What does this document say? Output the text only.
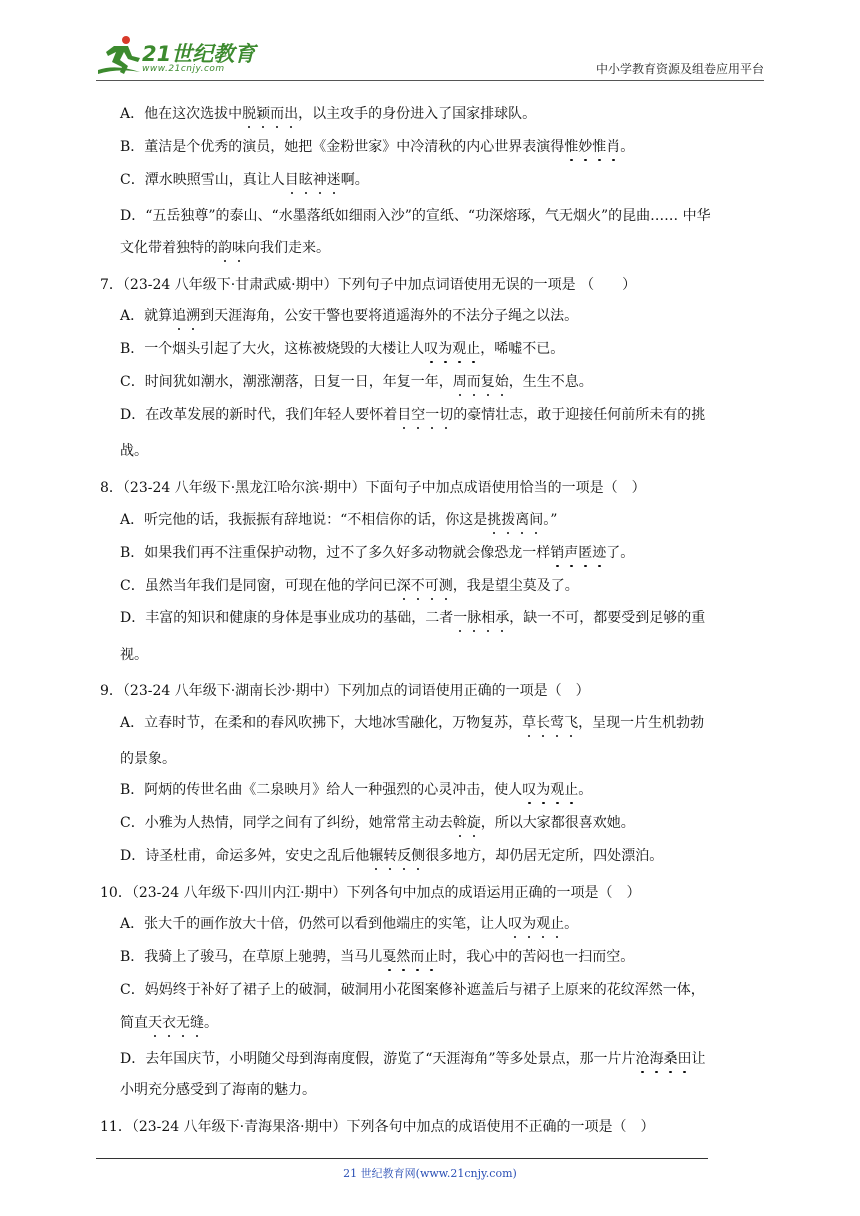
21世纪教育
www.21cnjy.com	中小学教育资源及组卷应用平台
A．他在这次选拔中脱颖而出，以主攻手的身份进入了国家排球队。
B．董洁是个优秀的演员，她把《金粉世家》中冷清秋的内心世界表演得惟妙惟肖。
C．潭水映照雪山，真让人目眩神迷啊。
D．“五岳独尊”的泰山、“水墨落纸如细雨入沙”的宣纸、“功深熔琢，气无烟火”的昆曲…… 中华
文化带着独特的韵味向我们走来。
7．（23-24 八年级下·甘肃武威·期中）下列句子中加点词语使用无误的一项是 （　　）
A．就算追溯到天涯海角，公安干警也要将逍遥海外的不法分子绳之以法。
B．一个烟头引起了大火，这栋被烧毁的大楼让人叹为观止，唏嘘不已。
C．时间犹如潮水，潮涨潮落，日复一日，年复一年，周而复始，生生不息。
D．在改革发展的新时代，我们年轻人要怀着目空一切的豪情壮志，敢于迎接任何前所未有的挑
战。
8．（23-24 八年级下·黑龙江哈尔滨·期中）下面句子中加点成语使用恰当的一项是（　）
A．听完他的话，我振振有辞地说：“不相信你的话，你这是挑拨离间。”
B．如果我们再不注重保护动物，过不了多久好多动物就会像恐龙一样销声匿迹了。
C．虽然当年我们是同窗，可现在他的学问已深不可测，我是望尘莫及了。
D．丰富的知识和健康的身体是事业成功的基础，二者一脉相承，缺一不可，都要受到足够的重
视。
9．（23-24 八年级下·湖南长沙·期中）下列加点的词语使用正确的一项是（　）
A．立春时节，在柔和的春风吹拂下，大地冰雪融化，万物复苏，草长莺飞，呈现一片生机勃勃
的景象。
B．阿炳的传世名曲《二泉映月》给人一种强烈的心灵冲击，使人叹为观止。
C．小雅为人热情，同学之间有了纠纷，她常常主动去斡旋，所以大家都很喜欢她。
D．诗圣杜甫，命运多舛，安史之乱后他辗转反侧很多地方，却仍居无定所，四处漂泊。
10．（23-24 八年级下·四川内江·期中）下列各句中加点的成语运用正确的一项是（　）
A．张大千的画作放大十倍，仍然可以看到他端庄的实笔，让人叹为观止。
B．我骑上了骏马，在草原上驰骋，当马儿戛然而止时，我心中的苦闷也一扫而空。
C．妈妈终于补好了裙子上的破洞，破洞用小花图案修补遮盖后与裙子上原来的花纹浑然一体，
简直天衣无缝。
D．去年国庆节，小明随父母到海南度假，游览了“天涯海角”等多处景点，那一片片沧海桑田让
小明充分感受到了海南的魅力。
11．（23-24 八年级下·青海果洛·期中）下列各句中加点的成语使用不正确的一项是（　）
21 世纪教育网(www.21cnjy.com)
